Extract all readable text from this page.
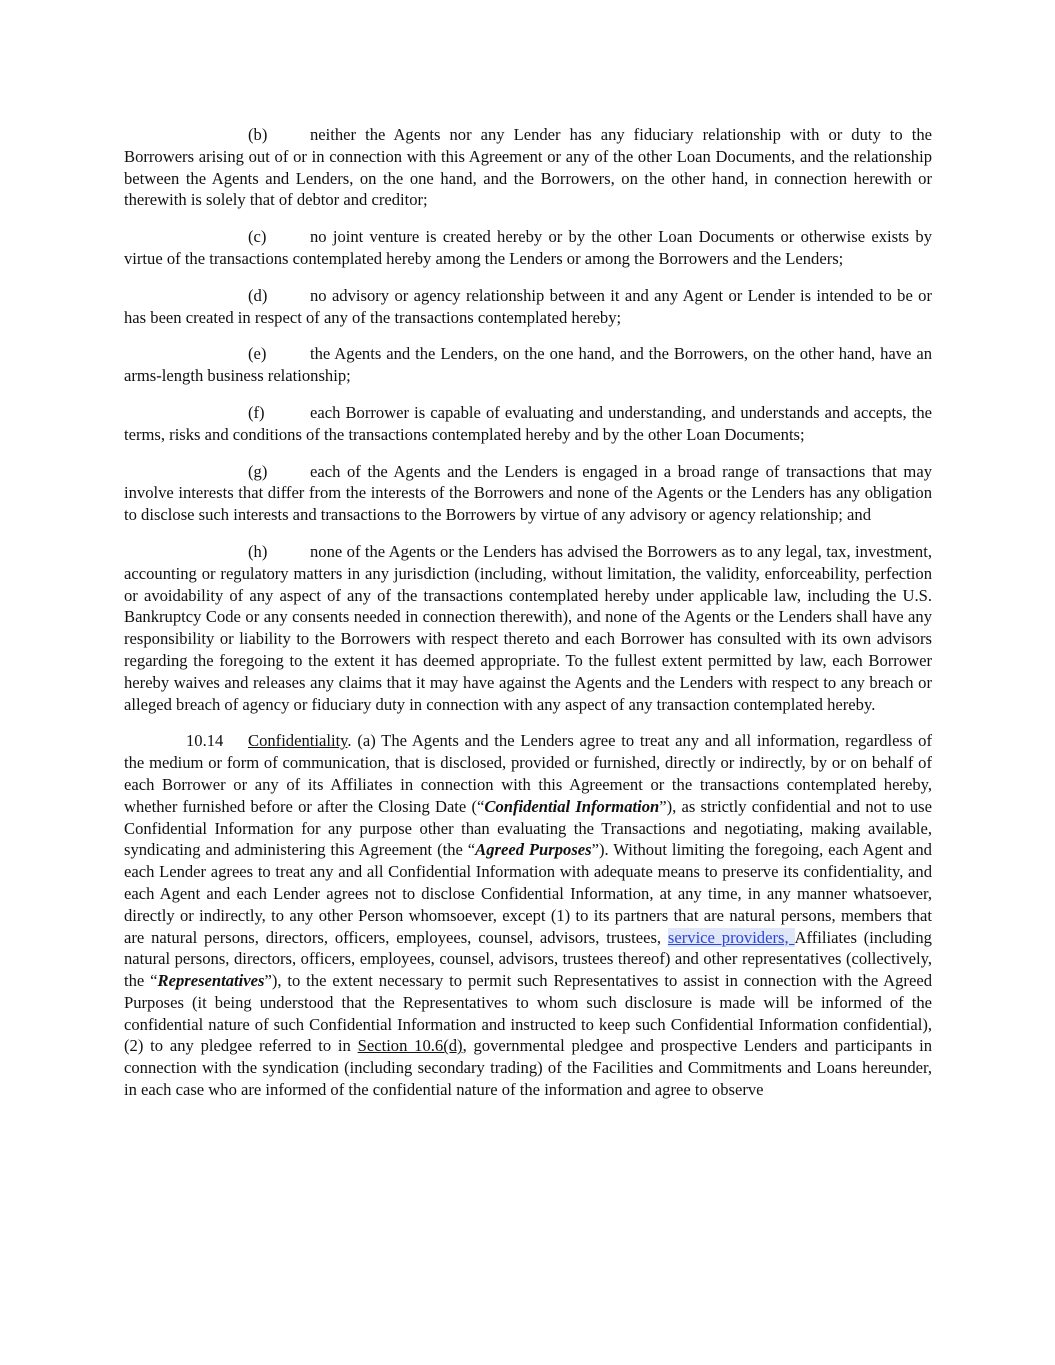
(b)	neither the Agents nor any Lender has any fiduciary relationship with or duty to the Borrowers arising out of or in connection with this Agreement or any of the other Loan Documents, and the relationship between the Agents and Lenders, on the one hand, and the Borrowers, on the other hand, in connection herewith or therewith is solely that of debtor and creditor;

(c)	no joint venture is created hereby or by the other Loan Documents or otherwise exists by virtue of the transactions contemplated hereby among the Lenders or among the Borrowers and the Lenders;

(d)	no advisory or agency relationship between it and any Agent or Lender is intended to be or has been created in respect of any of the transactions contemplated hereby;

(e)	the Agents and the Lenders, on the one hand, and the Borrowers, on the other hand, have an arms-length business relationship;

(f)	each Borrower is capable of evaluating and understanding, and understands and accepts, the terms, risks and conditions of the transactions contemplated hereby and by the other Loan Documents;

(g)	each of the Agents and the Lenders is engaged in a broad range of transactions that may involve interests that differ from the interests of the Borrowers and none of the Agents or the Lenders has any obligation to disclose such interests and transactions to the Borrowers by virtue of any advisory or agency relationship; and

(h)	none of the Agents or the Lenders has advised the Borrowers as to any legal, tax, investment, accounting or regulatory matters in any jurisdiction (including, without limitation, the validity, enforceability, perfection or avoidability of any aspect of any of the transactions contemplated hereby under applicable law, including the U.S. Bankruptcy Code or any consents needed in connection therewith), and none of the Agents or the Lenders shall have any responsibility or liability to the Borrowers with respect thereto and each Borrower has consulted with its own advisors regarding the foregoing to the extent it has deemed appropriate. To the fullest extent permitted by law, each Borrower hereby waives and releases any claims that it may have against the Agents and the Lenders with respect to any breach or alleged breach of agency or fiduciary duty in connection with any aspect of any transaction contemplated hereby.

10.14 Confidentiality. (a) The Agents and the Lenders agree to treat any and all information, regardless of the medium or form of communication, that is disclosed, provided or furnished, directly or indirectly, by or on behalf of each Borrower or any of its Affiliates in connection with this Agreement or the transactions contemplated hereby, whether furnished before or after the Closing Date (“Confidential Information”), as strictly confidential and not to use Confidential Information for any purpose other than evaluating the Transactions and negotiating, making available, syndicating and administering this Agreement (the “Agreed Purposes”). Without limiting the foregoing, each Agent and each Lender agrees to treat any and all Confidential Information with adequate means to preserve its confidentiality, and each Agent and each Lender agrees not to disclose Confidential Information, at any time, in any manner whatsoever, directly or indirectly, to any other Person whomsoever, except (1) to its partners that are natural persons, members that are natural persons, directors, officers, employees, counsel, advisors, trustees, service providers, Affiliates (including natural persons, directors, officers, employees, counsel, advisors, trustees thereof) and other representatives (collectively, the “Representatives”), to the extent necessary to permit such Representatives to assist in connection with the Agreed Purposes (it being understood that the Representatives to whom such disclosure is made will be informed of the confidential nature of such Confidential Information and instructed to keep such Confidential Information confidential), (2) to any pledgee referred to in Section 10.6(d), governmental pledgee and prospective Lenders and participants in connection with the syndication (including secondary trading) of the Facilities and Commitments and Loans hereunder, in each case who are informed of the confidential nature of the information and agree to observe
